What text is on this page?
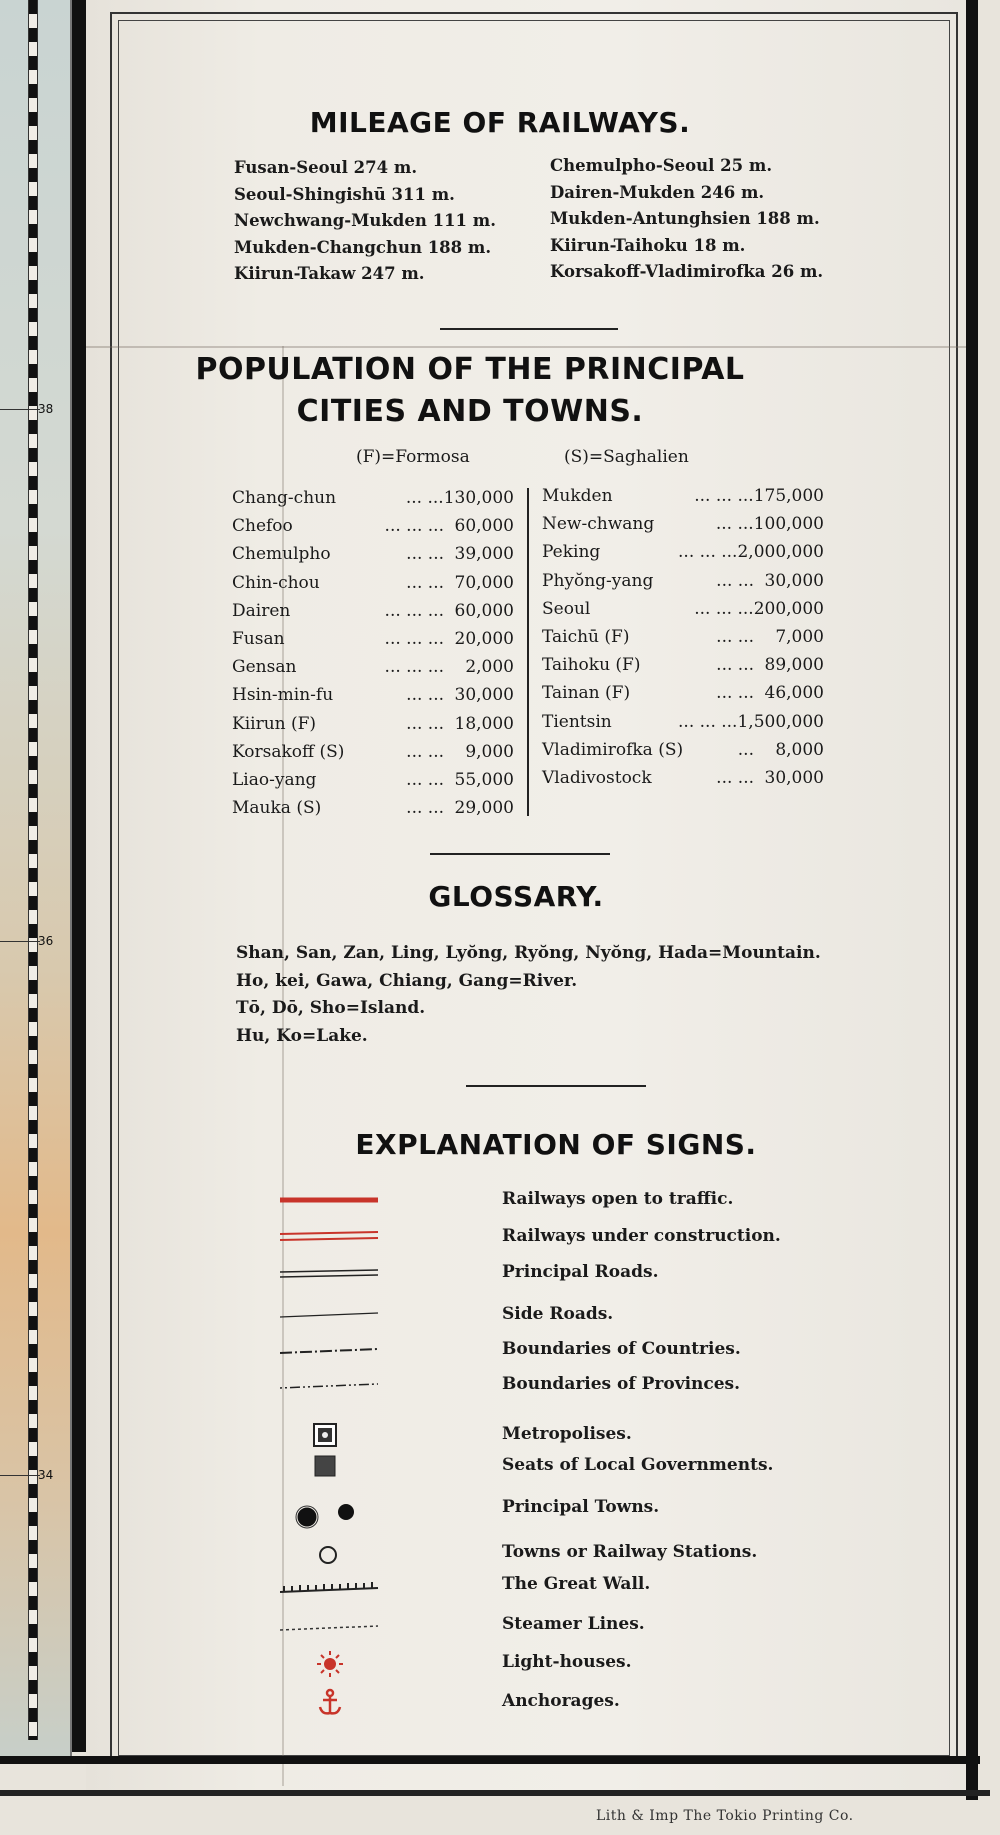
38
36
34
MILEAGE OF RAILWAYS.
Fusan-Seoul 274 m.
Seoul-Shingishū 311 m.
Newchwang-Mukden 111 m.
Mukden-Changchun 188 m.
Kiirun-Takaw 247 m.
Chemulpho-Seoul 25 m.
Dairen-Mukden 246 m.
Mukden-Antunghsien 188 m.
Kiirun-Taihoku 18 m.
Korsakoff-Vladimirofka 26 m.
POPULATION OF THE PRINCIPAL
CITIES AND TOWNS.
(F)=Formosa	(S)=Saghalien
Chang-chun	... ... 130,000
Chefoo	... ... ... 60,000
Chemulpho	... ... 39,000
Chin-chou	... ... 70,000
Dairen	... ... ... 60,000
Fusan	... ... ... 20,000
Gensan	... ... ...	2,000
Hsin-min-fu	... ... 30,000
Kiirun (F)	... ... 18,000
Korsakoff (S)	... ...	9,000
Liao-yang	... ... 55,000
Mauka (S)	... ... 29,000
Mukden	... ... ... 175,000
New-chwang	... ... 100,000
Peking	... ... ... 2,000,000
Phyŏng-yang	... ... 30,000
Seoul	... ... ... 200,000
Taichū (F)	... ...	7,000
Taihoku (F)	... ... 89,000
Tainan (F)	... ... 46,000
Tientsin	... ... ... 1,500,000
Vladimirofka (S)	...	8,000
Vladivostock	... ... 30,000
GLOSSARY.
Shan, San, Zan, Ling, Lyŏng, Ryŏng, Nyŏng, Hada=Mountain.
Ho, kei, Gawa, Chiang, Gang=River.
Tō, Dō, Sho=Island.
Hu, Ko=Lake.
EXPLANATION OF SIGNS.
Railways open to traffic.
Railways under construction.
Principal Roads.
Side Roads.
Boundaries of Countries.
Boundaries of Provinces.
Metropolises.
Seats of Local Governments.
Principal Towns.
Towns or Railway Stations.
The Great Wall.
Steamer Lines.
Light-houses.
Anchorages.
Lith & Imp The Tokio Printing Co.
